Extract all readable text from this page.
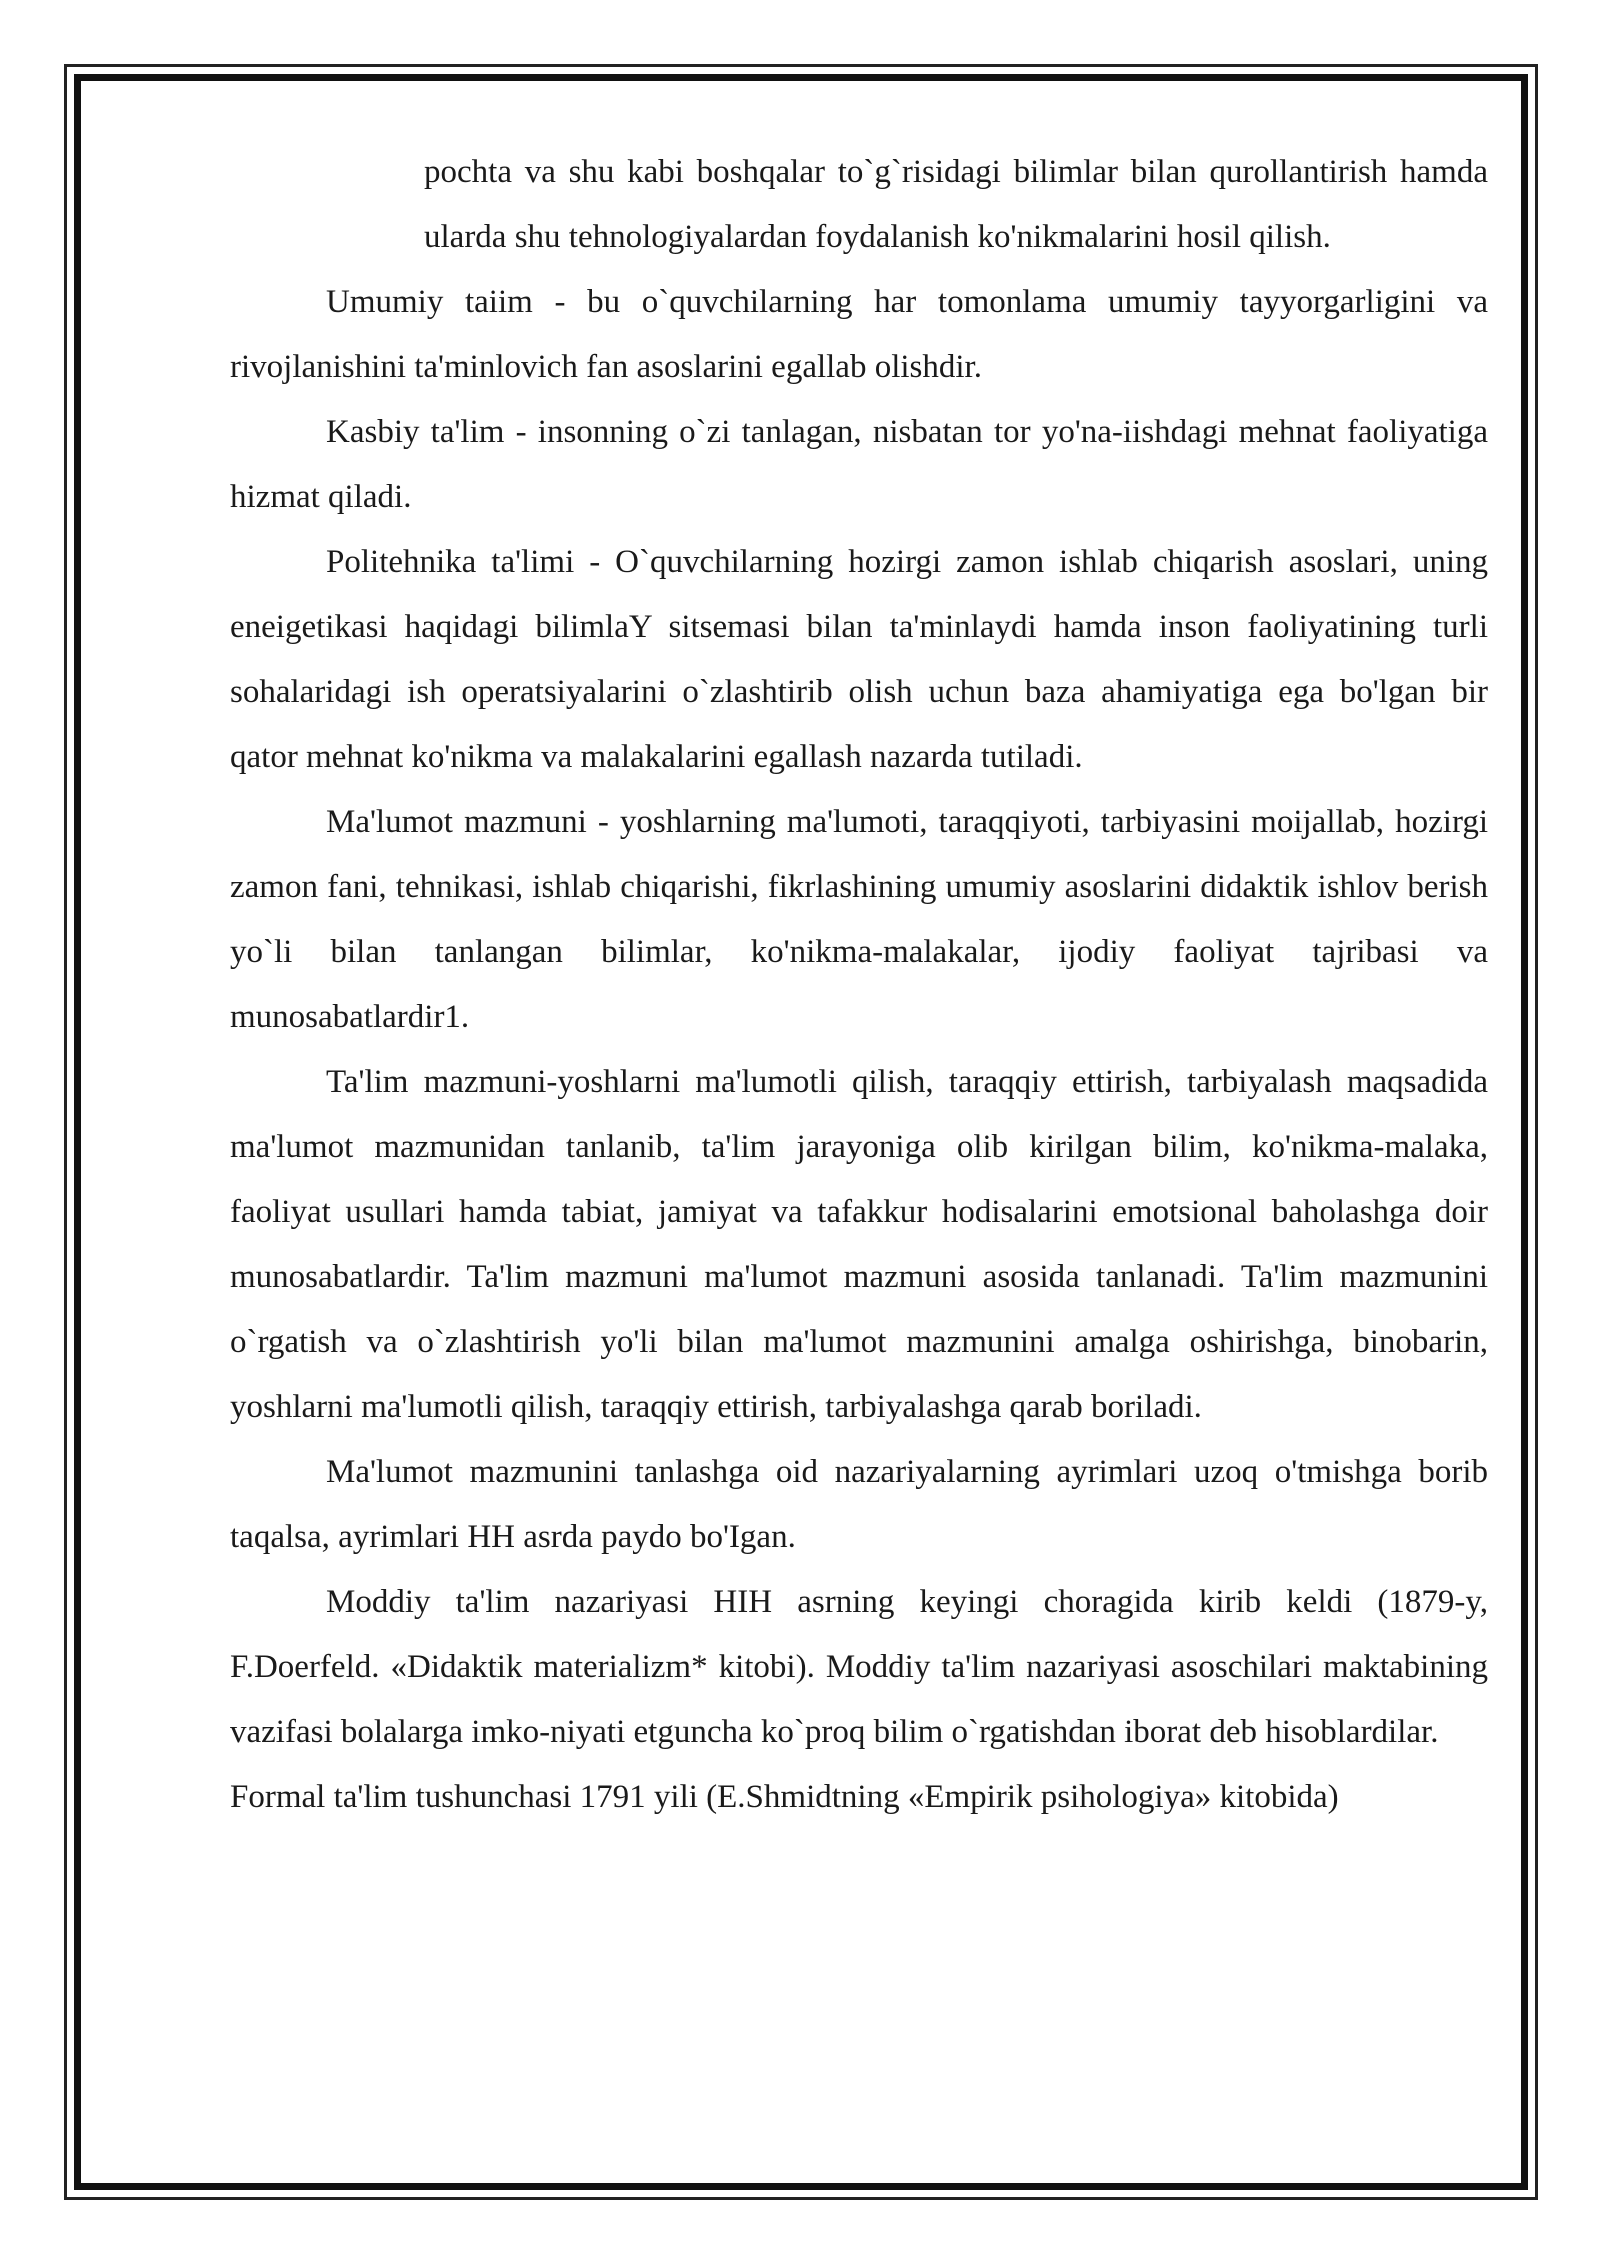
pochta va shu kabi boshqalar to`g`risidagi bilimlar bilan qurollantirish hamda ularda shu tehnologiyalardan foydalanish ko'nikmalarini hosil qilish.

Umumiy taiim - bu o`quvchilarning har tomonlama umumiy tayyorgarligini va rivojlanishini ta'minlovich fan asoslarini egallab olishdir.

Kasbiy ta'lim - insonning o`zi tanlagan, nisbatan tor yo'na-iishdagi mehnat faoliyatiga hizmat qiladi.

Politehnika ta'limi - O`quvchilarning hozirgi zamon ishlab chiqarish asoslari, uning eneigetikasi haqidagi bilimlaY sitsemasi bilan ta'minlaydi hamda inson faoliyatining turli sohalaridagi ish operatsiyalarini o`zlashtirib olish uchun baza ahamiyatiga ega bo'lgan bir qator mehnat ko'nikma va malakalarini egallash nazarda tutiladi.

Ma'lumot mazmuni - yoshlarning ma'lumoti, taraqqiyoti, tarbiyasini moijallab, hozirgi zamon fani, tehnikasi, ishlab chiqarishi, fikrlashining umumiy asoslarini didaktik ishlov berish yo`li bilan tanlangan bilimlar, ko'nikma-malakalar, ijodiy faoliyat tajribasi va munosabatlardir1.

Ta'lim mazmuni-yoshlarni ma'lumotli qilish, taraqqiy ettirish, tarbiyalash maqsadida ma'lumot mazmunidan tanlanib, ta'lim jarayoniga olib kirilgan bilim, ko'nikma-malaka, faoliyat usullari hamda tabiat, jamiyat va tafakkur hodisalarini emotsional baholashga doir munosabatlardir. Ta'lim mazmuni ma'lumot mazmuni asosida tanlanadi. Ta'lim mazmunini o`rgatish va o`zlashtirish yo'li bilan ma'lumot mazmunini amalga oshirishga, binobarin, yoshlarni ma'lumotli qilish, taraqqiy ettirish, tarbiyalashga qarab boriladi.

Ma'lumot mazmunini tanlashga oid nazariyalarning ayrimlari uzoq o'tmishga borib taqalsa, ayrimlari HH asrda paydo bo'Igan.

Moddiy ta'lim nazariyasi HIH asrning keyingi choragida kirib keldi (1879-y, F.Doerfeld. «Didaktik materializm* kitobi). Moddiy ta'lim nazariyasi asoschilari maktabining vazifasi bolalarga imko-niyati etguncha ko`proq bilim o`rgatishdan iborat deb hisoblardilar.

Formal ta'lim tushunchasi 1791 yili (E.Shmidtning «Empirik psihologiya» kitobida)
